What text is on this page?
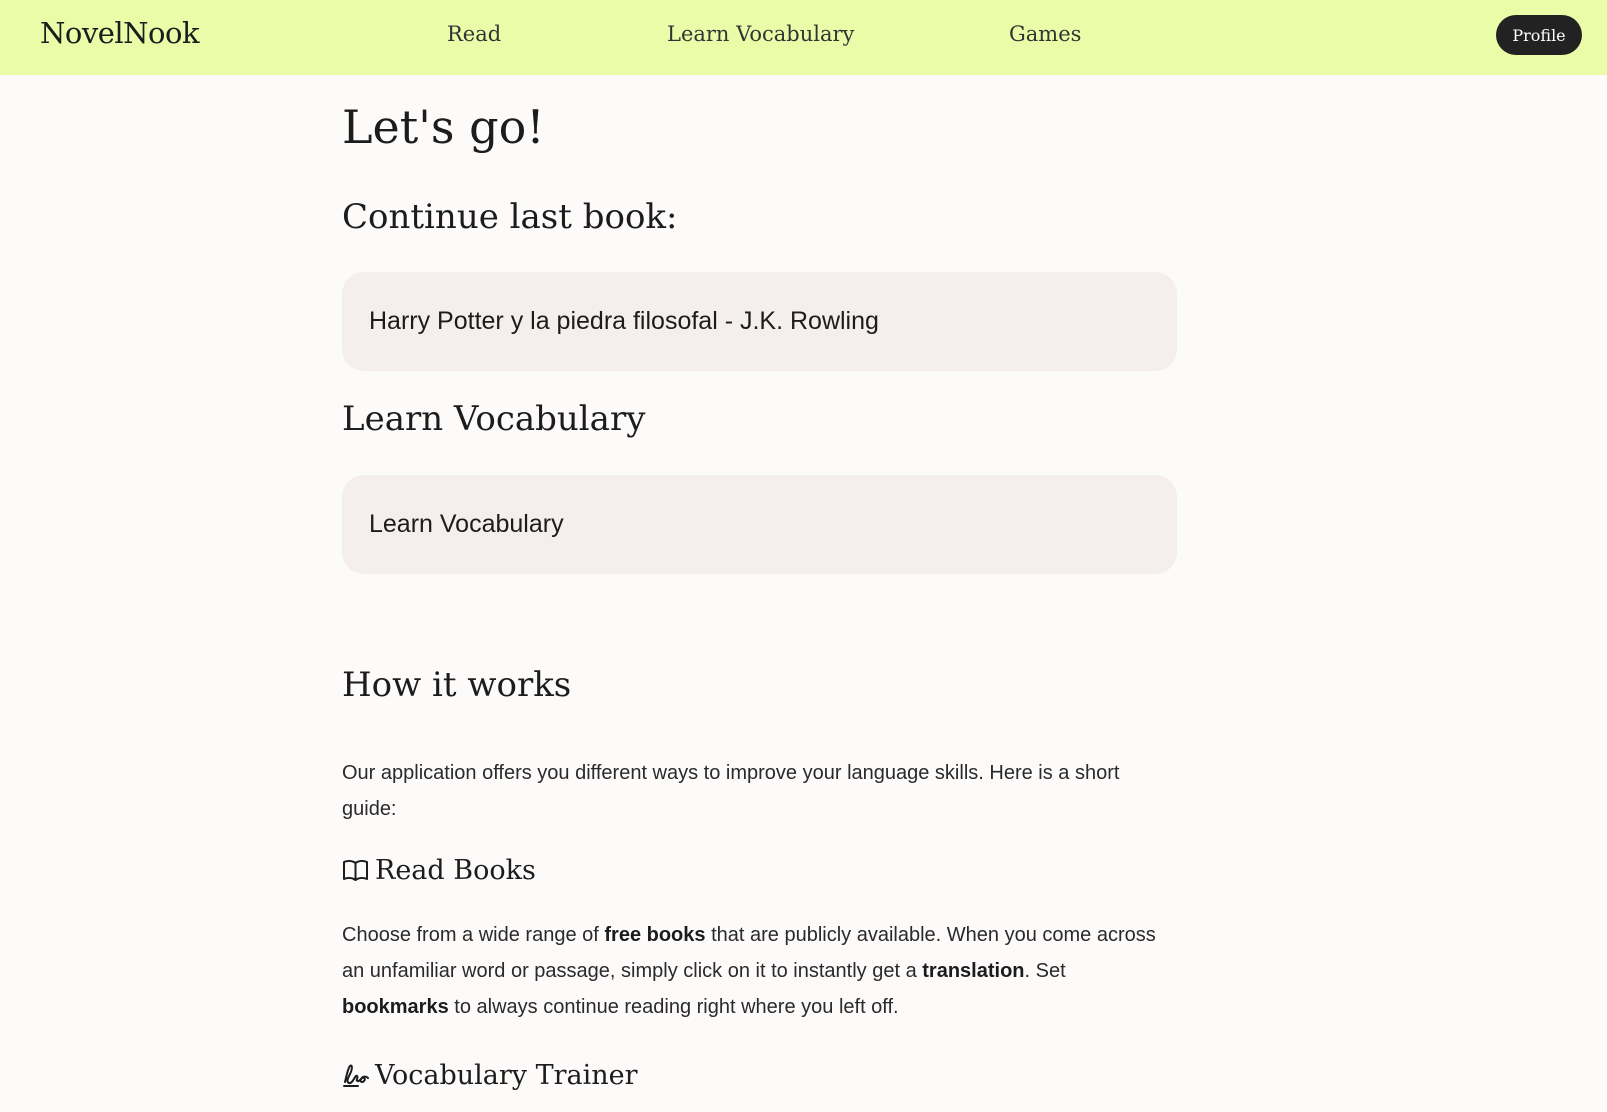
NovelNook	Read	Learn Vocabulary	Games	Profile
Let's go!
Continue last book:
Harry Potter y la piedra filosofal - J.K. Rowling
Learn Vocabulary
Learn Vocabulary
How it works

Our application offers you different ways to improve your language skills. Here is a short guide:

Read Books

Choose from a wide range of free books that are publicly available. When you come across an unfamiliar word or passage, simply click on it to instantly get a translation. Set bookmarks to always continue reading right where you left off.

Vocabulary Trainer
